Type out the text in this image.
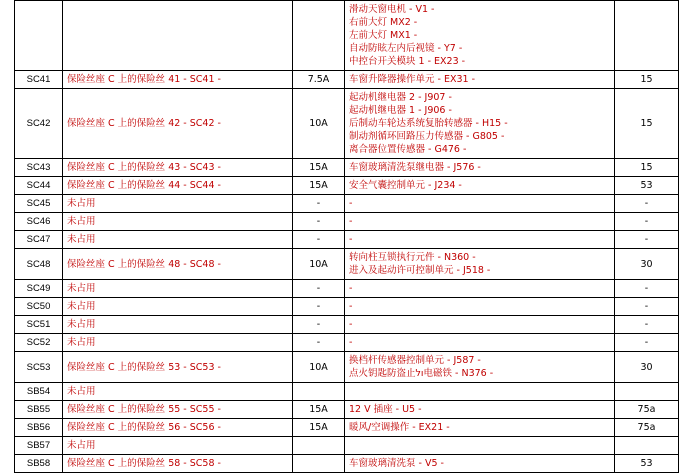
			滑动天窗电机 - V1 -
右前大灯 MX2 -
左前大灯 MX1 -
自动防眩左内后视镜 - Y7 -
中控台开关模块 1 - EX23 -	

SC41	保险丝座 C 上的保险丝 41 - SC41 -	7.5A	车窗升降器操作单元 - EX31 -	15
SC42	保险丝座 C 上的保险丝 42 - SC42 -	10A	起动机继电器 2 - J907 -
起动机继电器 1 - J906 -
后制动车轮达系统复胎转感器 - H15 -
制动剂循环回路压力传感器 - G805 -
离合器位置传感器 - G476 -	15
SC43	保险丝座 C 上的保险丝 43 - SC43 -	15A	车窗玻璃清洗泵继电器 - J576 -	15
SC44	保险丝座 C 上的保险丝 44 - SC44 -	15A	安全气囊控制单元 - J234 -	53
SC45	未占用	-	-	-
SC46	未占用	-	-	-
SC47	未占用	-	-	-
SC48	保险丝座 C 上的保险丝 48 - SC48 -	10A	转向柱互锁执行元件 - N360 -
进入及起动许可控制单元 - J518 -	30
SC49	未占用	-	-	-
SC50	未占用	-	-	-
SC51	未占用	-	-	-
SC52	未占用	-	-	-
SC53	保险丝座 C 上的保险丝 53 - SC53 -	10A	换档杆传感器控制单元 - J587 -
点火钥匙防盗止ול电磁铁 - N376 -	30
SB54	未占用		

SB55	保险丝座 C 上的保险丝 55 - SC55 -	15A	12 V 插座 - U5 -	75a
SB56	保险丝座 C 上的保险丝 56 - SC56 -	15A	暖风/空调操作 - EX21 -	75a
SB57	未占用		

SB58	保险丝座 C 上的保险丝 58 - SC58 -		车窗玻璃清洗泵 - V5 -	53
